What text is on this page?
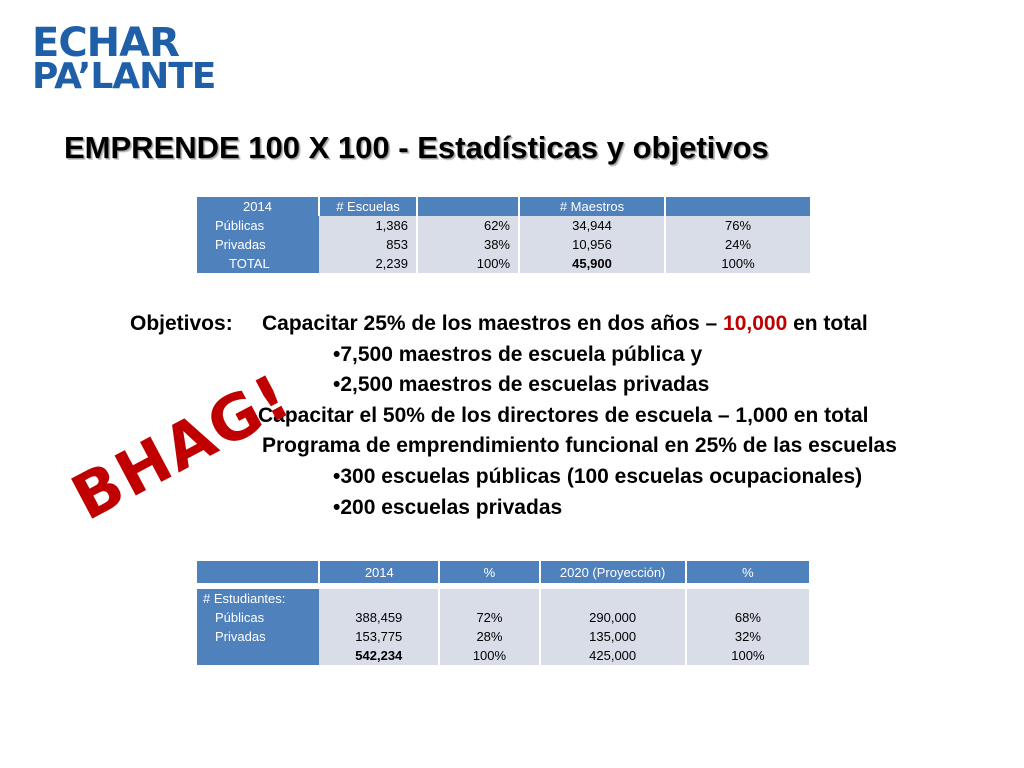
ECHAR
PA’LANTE
EMPRENDE 100 X 100 - Estadísticas y objetivos
2014	# Escuelas		# Maestros	
Públicas	1,386	62%	34,944	76%
Privadas	853	38%	10,956	24%
TOTAL	2,239	100%	45,900	100%
Objetivos: Capacitar 25% de los maestros en dos años – 10,000 en total
•7,500 maestros de escuela pública y
•2,500 maestros de escuelas privadas
Capacitar el 50% de los directores de escuela – 1,000 en total
Programa de emprendimiento funcional en 25% de las escuelas
•300 escuelas públicas (100 escuelas ocupacionales)
•200 escuelas privadas
BHAG!
	2014	%	2020 (Proyección)	%

# Estudiantes:				
Públicas	388,459	72%	290,000	68%
Privadas	153,775	28%	135,000	32%
	542,234	100%	425,000	100%
